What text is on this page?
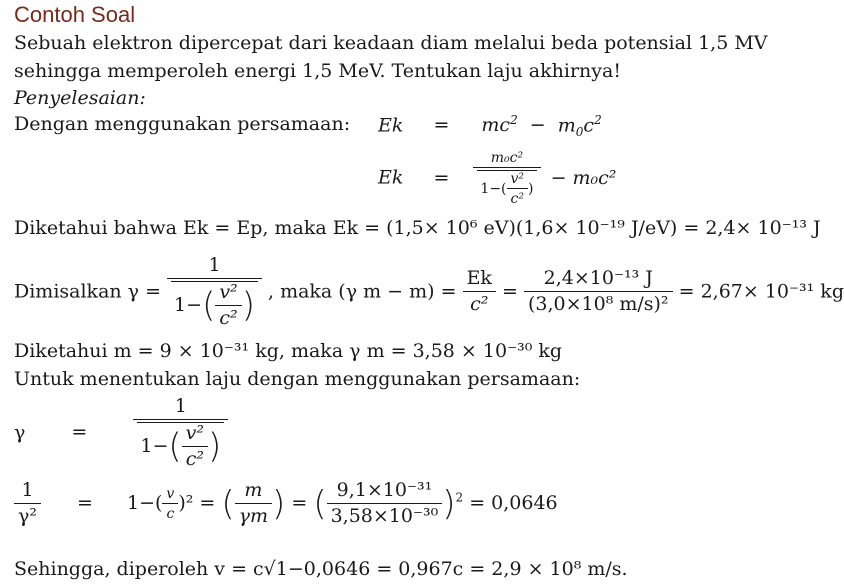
Contoh Soal
Sebuah elektron dipercepat dari keadaan diam melalui beda potensial 1,5 MV
sehingga memperoleh energi 1,5 MeV. Tentukan laju akhirnya!
Penyelesaian:
Dengan menggunakan persamaan: $Ek = mc^2 - m_0c^2$
$Ek = \frac{\text{m₀c²}}{1-( \frac{\text{v²}}{\text{c²}} )} - m_0c^2$
Diketahui bahwa Ek = Ep, maka Ek = (1,5× 10⁶ eV)(1,6× 10⁻¹⁹ J/eV) = 2,4× 10⁻¹³ J
Dimisalkan $\gamma = \frac{1}{1-( \frac{\text{v²}}{\text{c²}} )}$ , maka (γ $m - m) = \frac{Ek}{\text{c²}} = \frac{\text{2,4×10⁻¹³ J}}{\text{(3,0×10⁸ m/s)²}} = 2,67\times 10^{-31}$ kg
Diketahui m = 9 × 10⁻³¹ kg, maka γ m = 3,58 × 10⁻³⁰ kg
Untuk menentukan laju dengan menggunakan persamaan:
$\gamma = \frac{1}{1-( \frac{\text{v²}}{\text{c²}} )}$
$\frac{1}{\text{γ²}} = 1-( \frac{v}{c} )^2$ = ( $\frac{m}{\gamma m}$ ) = ( $\frac{\text{9,1×10⁻³¹}}{\text{3,58×10⁻³⁰}} )^2 = 0,0646$
Sehingga, diperoleh v = c√1−0,0646 = 0,967c = 2,9 × 10⁸ m/s.
